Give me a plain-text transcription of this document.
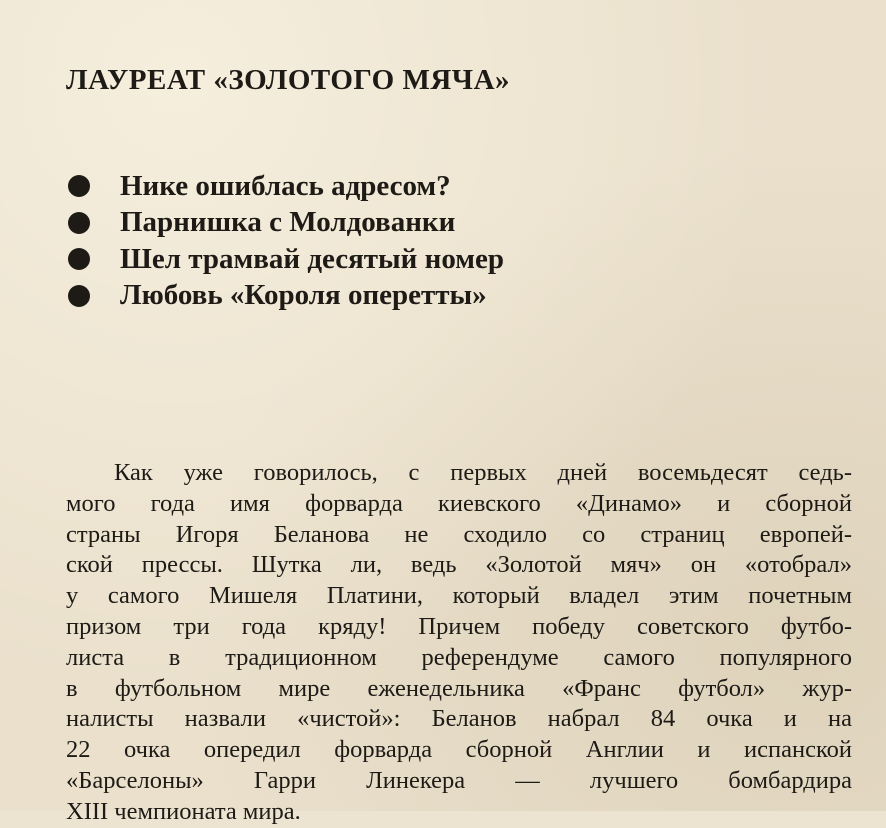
ЛАУРЕАТ «ЗОЛОТОГО МЯЧА»
Нике ошиблась адресом?
Парнишка с Молдованки
Шел трамвай десятый номер
Любовь «Короля оперетты»
Как уже говорилось, с первых дней восемьдесят седь-
мого года имя форварда киевского «Динамо» и сборной
страны Игоря Беланова не сходило со страниц европей-
ской прессы. Шутка ли, ведь «Золотой мяч» он «отобрал»
у самого Мишеля Платини, который владел этим почетным
призом три года кряду! Причем победу советского футбо-
листа в традиционном референдуме самого популярного
в футбольном мире еженедельника «Франс футбол» жур-
налисты назвали «чистой»: Беланов набрал 84 очка и на
22 очка опередил форварда сборной Англии и испанской
«Барселоны» Гарри Линекера — лучшего бомбардира
XIII чемпионата мира.
